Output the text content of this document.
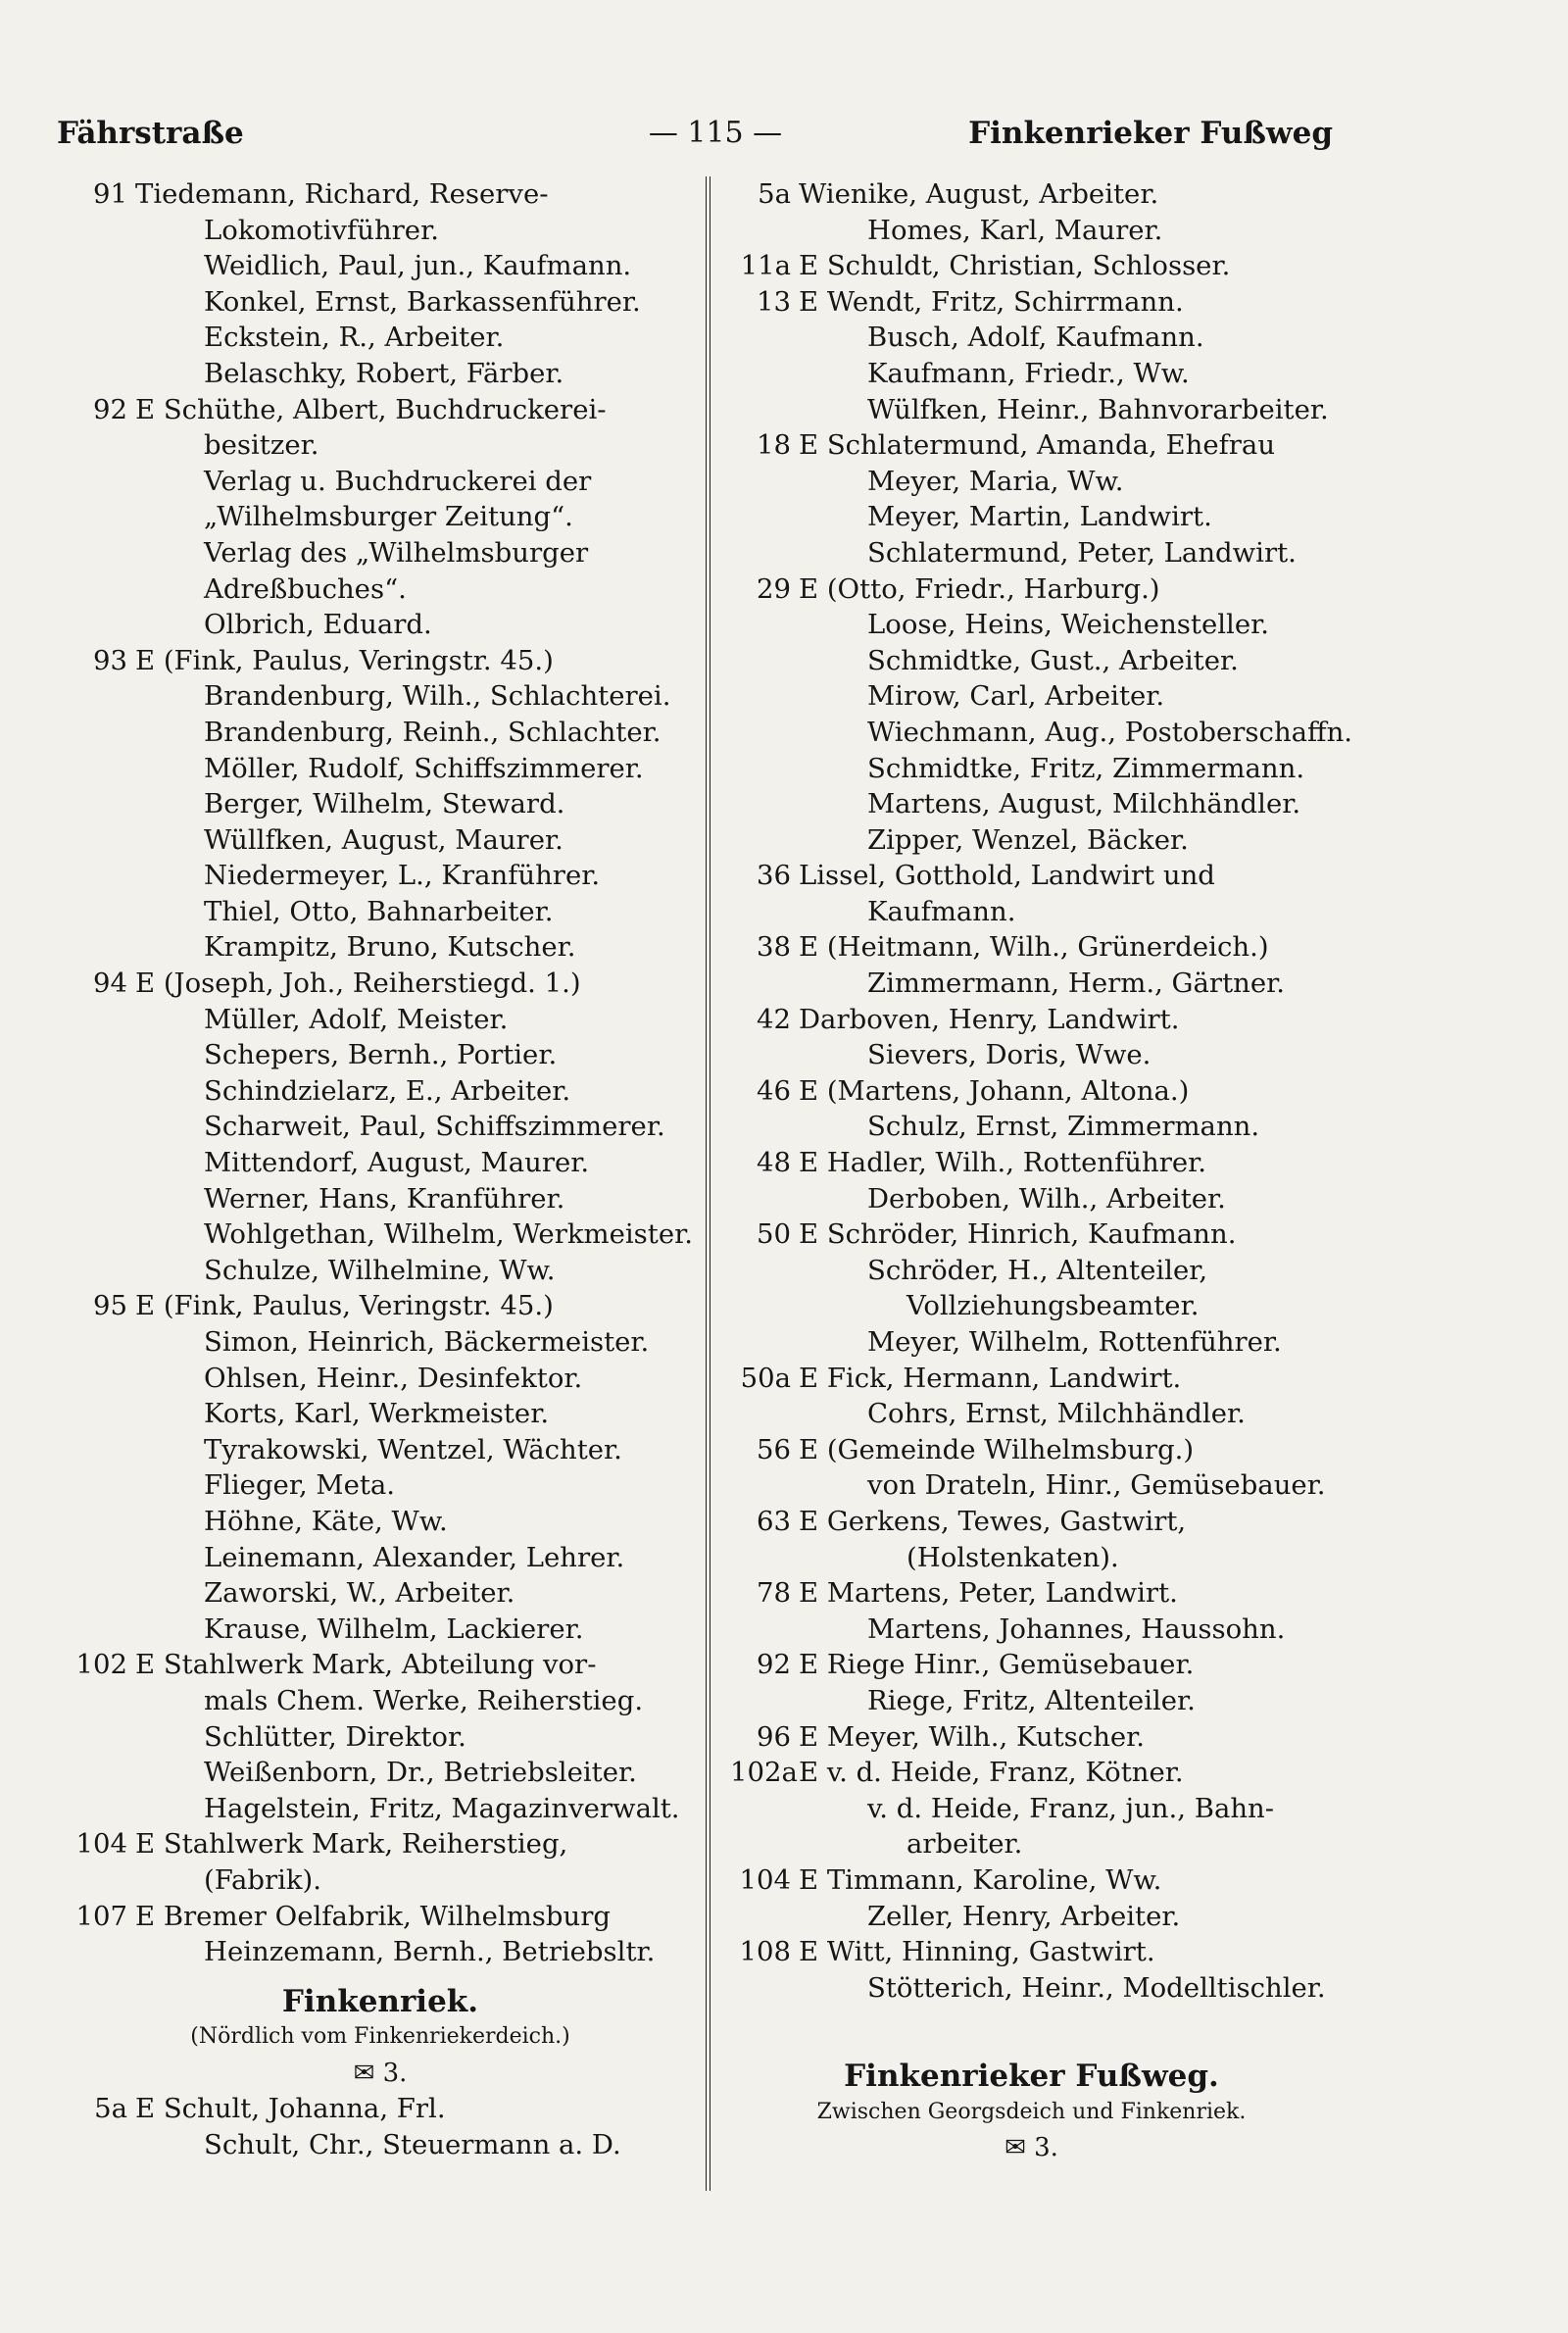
Fährstraße	— 115 —	Finkenrieker Fußweg
91 Tiedemann, Richard, Reserve-
Lokomotivführer.
Weidlich, Paul, jun., Kaufmann.
Konkel, Ernst, Barkassenführer.
Eckstein, R., Arbeiter.
Belaschky, Robert, Färber.
92 E Schüthe, Albert, Buchdruckerei-
besitzer.
Verlag u. Buchdruckerei der
„Wilhelmsburger Zeitung“.
Verlag des „Wilhelmsburger
Adreßbuches“.
Olbrich, Eduard.
93 E (Fink, Paulus, Veringstr. 45.)
Brandenburg, Wilh., Schlachterei.
Brandenburg, Reinh., Schlachter.
Möller, Rudolf, Schiffszimmerer.
Berger, Wilhelm, Steward.
Wüllfken, August, Maurer.
Niedermeyer, L., Kranführer.
Thiel, Otto, Bahnarbeiter.
Krampitz, Bruno, Kutscher.
94 E (Joseph, Joh., Reiherstiegd. 1.)
Müller, Adolf, Meister.
Schepers, Bernh., Portier.
Schindzielarz, E., Arbeiter.
Scharweit, Paul, Schiffszimmerer.
Mittendorf, August, Maurer.
Werner, Hans, Kranführer.
Wohlgethan, Wilhelm, Werkmeister.
Schulze, Wilhelmine, Ww.
95 E (Fink, Paulus, Veringstr. 45.)
Simon, Heinrich, Bäckermeister.
Ohlsen, Heinr., Desinfektor.
Korts, Karl, Werkmeister.
Tyrakowski, Wentzel, Wächter.
Flieger, Meta.
Höhne, Käte, Ww.
Leinemann, Alexander, Lehrer.
Zaworski, W., Arbeiter.
Krause, Wilhelm, Lackierer.
102 E Stahlwerk Mark, Abteilung vor-
mals Chem. Werke, Reiherstieg.
Schlütter, Direktor.
Weißenborn, Dr., Betriebsleiter.
Hagelstein, Fritz, Magazinverwalt.
104 E Stahlwerk Mark, Reiherstieg,
(Fabrik).
107 E Bremer Oelfabrik, Wilhelmsburg
Heinzemann, Bernh., Betriebsltr.
Finkenriek.
(Nördlich vom Finkenriekerdeich.)
✉ 3.
5a E Schult, Johanna, Frl.
Schult, Chr., Steuermann a. D.
5a Wienike, August, Arbeiter.
Homes, Karl, Maurer.
11a E Schuldt, Christian, Schlosser.
13 E Wendt, Fritz, Schirrmann.
Busch, Adolf, Kaufmann.
Kaufmann, Friedr., Ww.
Wülfken, Heinr., Bahnvorarbeiter.
18 E Schlatermund, Amanda, Ehefrau
Meyer, Maria, Ww.
Meyer, Martin, Landwirt.
Schlatermund, Peter, Landwirt.
29 E (Otto, Friedr., Harburg.)
Loose, Heins, Weichensteller.
Schmidtke, Gust., Arbeiter.
Mirow, Carl, Arbeiter.
Wiechmann, Aug., Postoberschaffn.
Schmidtke, Fritz, Zimmermann.
Martens, August, Milchhändler.
Zipper, Wenzel, Bäcker.
36 Lissel, Gotthold, Landwirt und
Kaufmann.
38 E (Heitmann, Wilh., Grünerdeich.)
Zimmermann, Herm., Gärtner.
42 Darboven, Henry, Landwirt.
Sievers, Doris, Wwe.
46 E (Martens, Johann, Altona.)
Schulz, Ernst, Zimmermann.
48 E Hadler, Wilh., Rottenführer.
Derboben, Wilh., Arbeiter.
50 E Schröder, Hinrich, Kaufmann.
Schröder, H., Altenteiler,
Vollziehungsbeamter.
Meyer, Wilhelm, Rottenführer.
50a E Fick, Hermann, Landwirt.
Cohrs, Ernst, Milchhändler.
56 E (Gemeinde Wilhelmsburg.)
von Drateln, Hinr., Gemüsebauer.
63 E Gerkens, Tewes, Gastwirt,
(Holstenkaten).
78 E Martens, Peter, Landwirt.
Martens, Johannes, Haussohn.
92 E Riege Hinr., Gemüsebauer.
Riege, Fritz, Altenteiler.
96 E Meyer, Wilh., Kutscher.
102a E v. d. Heide, Franz, Kötner.
v. d. Heide, Franz, jun., Bahn-
arbeiter.
104 E Timmann, Karoline, Ww.
Zeller, Henry, Arbeiter.
108 E Witt, Hinning, Gastwirt.
Stötterich, Heinr., Modelltischler.
Finkenrieker Fußweg.
Zwischen Georgsdeich und Finkenriek.
✉ 3.
